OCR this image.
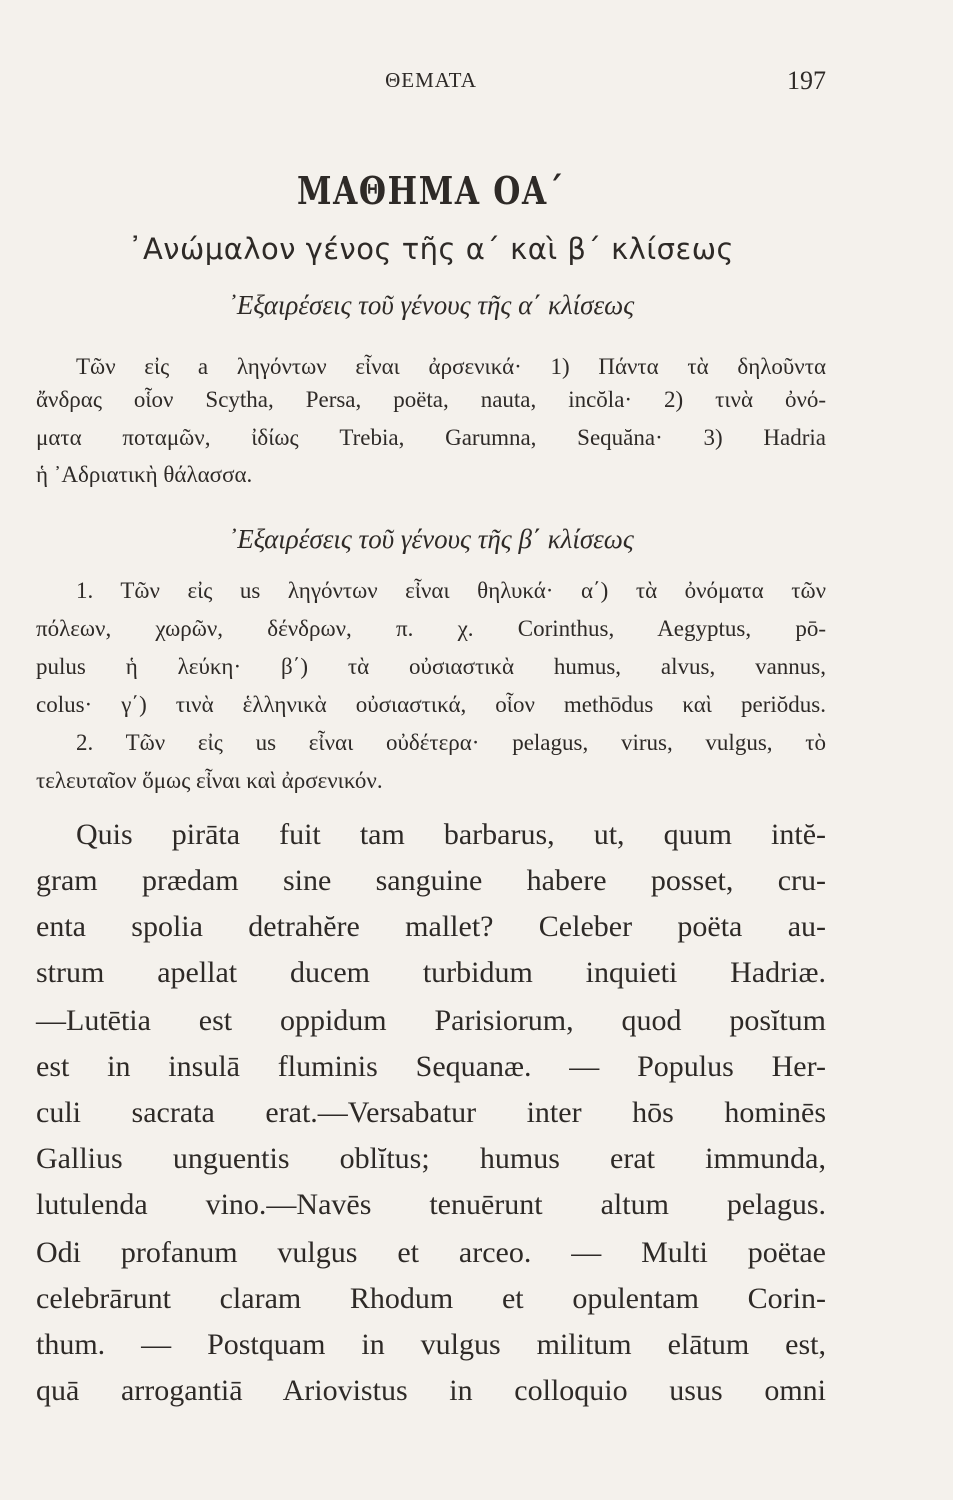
ΘΕΜΑΤΑ	197
ΜΑΘΗΜΑ ΟΑ΄
᾿Ανώμαλον γένος τῆς α΄ καὶ β΄ κλίσεως
᾿Εξαιρέσεις τοῦ γένους τῆς α΄ κλίσεως
Τῶν εἰς a ληγόντων εἶναι ἀρσενικά· 1) Πάντα τὰ δηλοῦντα
ἄνδρας οἷον Scytha, Persa, poëta, nauta, incŏla· 2) τινὰ ὀνό-
ματα ποταμῶν, ἰδίως Trebia, Garumna, Sequăna· 3) Hadria
ἡ ᾿Αδριατικὴ θάλασσα.
᾿Εξαιρέσεις τοῦ γένους τῆς β΄ κλίσεως
1. Τῶν εἰς us ληγόντων εἶναι θηλυκά· α΄) τὰ ὀνόματα τῶν
πόλεων, χωρῶν, δένδρων, π. χ. Corinthus, Aegyptus, pō-
pulus ἡ λεύκη· β΄) τὰ οὐσιαστικὰ humus, alvus, vannus,
colus· γ΄) τινὰ ἑλληνικὰ οὐσιαστικά, οἷον methōdus καὶ periŏdus.
2. Τῶν εἰς us εἶναι οὐδέτερα· pelagus, virus, vulgus, τὸ
τελευταῖον ὅμως εἶναι καὶ ἀρσενικόν.
Quis pirāta fuit tam barbarus, ut, quum intĕ-
gram prædam sine sanguine habere posset, cru-
enta spolia detrahĕre mallet? Celeber poëta au-
strum apellat ducem turbidum inquieti Hadriæ.
—Lutētia est oppidum Parisiorum, quod posĭtum
est in insulā fluminis Sequanæ. — Populus Her-
culi sacrata erat.—Versabatur inter hōs hominēs
Gallius unguentis oblĭtus; humus erat immunda,
lutulenda vino.—Navēs tenuērunt altum pelagus.
Odi profanum vulgus et arceo. — Multi poëtae
celebrārunt claram Rhodum et opulentam Corin-
thum. — Postquam in vulgus militum elātum est,
quā arrogantiā Ariovistus in colloquio usus omni
